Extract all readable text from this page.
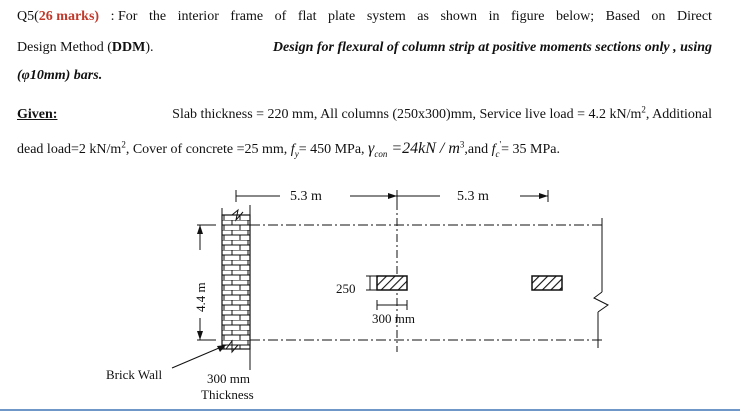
Q5(26 marks) : For the interior frame of flat plate system as shown in figure below; Based on Direct
Design Method (DDM).	Design for flexural of column strip at positive moments sections only , using
(φ10mm) bars.
Given:	Slab thickness = 220 mm, All columns (250x300)mm, Service live load = 4.2 $kN/m^2$, Additional
dead load=2 $kN/m^2$, Cover of concrete =25 mm, $f_y= 450$ MPa, $\gamma_{con} =24kN / m^3,and$ $f_c'= 35$ MPa.
5.3 m	5.3 m
250
300 mm
4.4 m
Brick Wall	300 mm
Thickness
